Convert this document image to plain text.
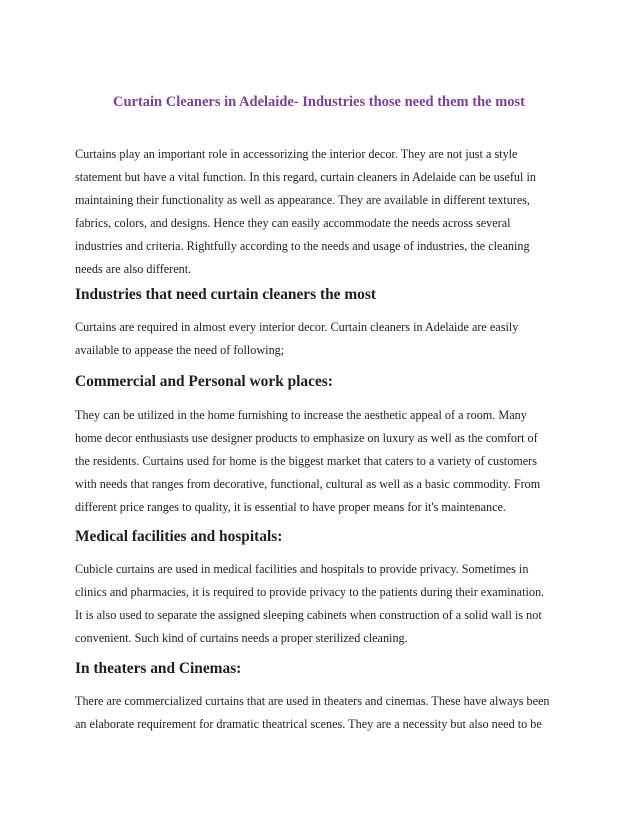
Curtain Cleaners in Adelaide- Industries those need them the most

Curtains play an important role in accessorizing the interior decor. They are not just a style
statement but have a vital function. In this regard, curtain cleaners in Adelaide can be useful in
maintaining their functionality as well as appearance. They are available in different textures,
fabrics, colors, and designs. Hence they can easily accommodate the needs across several
industries and criteria. Rightfully according to the needs and usage of industries, the cleaning
needs are also different.

Industries that need curtain cleaners the most

Curtains are required in almost every interior decor. Curtain cleaners in Adelaide are easily
available to appease the need of following;

Commercial and Personal work places:

They can be utilized in the home furnishing to increase the aesthetic appeal of a room. Many
home decor enthusiasts use designer products to emphasize on luxury as well as the comfort of
the residents. Curtains used for home is the biggest market that caters to a variety of customers
with needs that ranges from decorative, functional, cultural as well as a basic commodity. From
different price ranges to quality, it is essential to have proper means for it's maintenance.

Medical facilities and hospitals:

Cubicle curtains are used in medical facilities and hospitals to provide privacy. Sometimes in
clinics and pharmacies, it is required to provide privacy to the patients during their examination.
It is also used to separate the assigned sleeping cabinets when construction of a solid wall is not
convenient. Such kind of curtains needs a proper sterilized cleaning.

In theaters and Cinemas:

There are commercialized curtains that are used in theaters and cinemas. These have always been
an elaborate requirement for dramatic theatrical scenes. They are a necessity but also need to be
